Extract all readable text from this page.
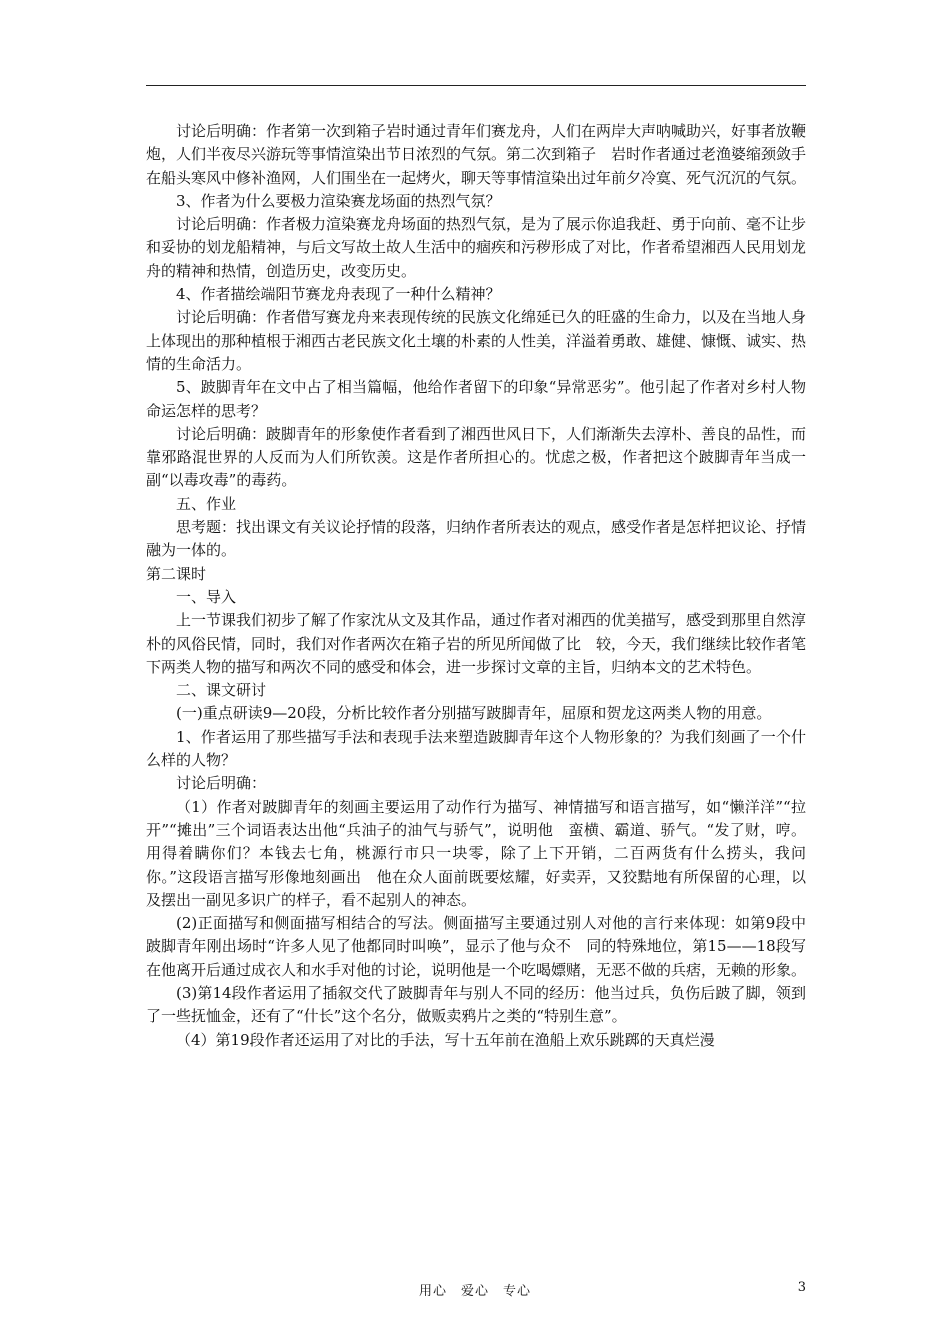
讨论后明确：作者第一次到箱子岩时通过青年们赛龙舟，人们在两岸大声呐喊助兴，好事者放鞭炮，人们半夜尽兴游玩等事情渲染出节日浓烈的气氛。第二次到箱子　岩时作者通过老渔婆缩颈敛手在船头寒风中修补渔网，人们围坐在一起烤火，聊天等事情渲染出过年前夕冷寞、死气沉沉的气氛。

3、作者为什么要极力渲染赛龙场面的热烈气氛？

讨论后明确：作者极力渲染赛龙舟场面的热烈气氛，是为了展示你追我赶、勇于向前、毫不让步和妥协的划龙船精神，与后文写故土故人生活中的痼疾和污秽形成了对比，作者希望湘西人民用划龙舟的精神和热情，创造历史，改变历史。

4、作者描绘端阳节赛龙舟表现了一种什么精神？

讨论后明确：作者借写赛龙舟来表现传统的民族文化绵延已久的旺盛的生命力，以及在当地人身上体现出的那种植根于湘西古老民族文化土壤的朴素的人性美，洋溢着勇敢、雄健、慷慨、诚实、热情的生命活力。

5、跛脚青年在文中占了相当篇幅，他给作者留下的印象“异常恶劣”。他引起了作者对乡村人物命运怎样的思考？

讨论后明确：跛脚青年的形象使作者看到了湘西世风日下，人们渐渐失去淳朴、善良的品性，而靠邪路混世界的人反而为人们所钦羡。这是作者所担心的。忧虑之极，作者把这个跛脚青年当成一副“以毒攻毒”的毒药。

五、作业

思考题：找出课文有关议论抒情的段落，归纳作者所表达的观点，感受作者是怎样把议论、抒情融为一体的。

第二课时

一、导入

上一节课我们初步了解了作家沈从文及其作品，通过作者对湘西的优美描写，感受到那里自然淳朴的风俗民情，同时，我们对作者两次在箱子岩的所见所闻做了比　较，今天，我们继续比较作者笔下两类人物的描写和两次不同的感受和体会，进一步探讨文章的主旨，归纳本文的艺术特色。

二、课文研讨

(一)重点研读9—20段，分析比较作者分别描写跛脚青年，屈原和贺龙这两类人物的用意。

1、作者运用了那些描写手法和表现手法来塑造跛脚青年这个人物形象的？为我们刻画了一个什么样的人物？

讨论后明确：

（1）作者对跛脚青年的刻画主要运用了动作行为描写、神情描写和语言描写，如“懒洋洋”“拉开”“摊出”三个词语表达出他“兵油子的油气与骄气”，说明他　蛮横、霸道、骄气。“发了财，哼。用得着瞒你们？本钱去七角，桃源行市只一块零，除了上下开销，二百两货有什么捞头，我问你。”这段语言描写形像地刻画出　他在众人面前既要炫耀，好卖弄，又狡黠地有所保留的心理，以及摆出一副见多识广的样子，看不起别人的神态。

(2)正面描写和侧面描写相结合的写法。侧面描写主要通过别人对他的言行来体现：如第9段中跛脚青年刚出场时“许多人见了他都同时叫唤”，显示了他与众不　同的特殊地位，第15——18段写在他离开后通过成衣人和水手对他的讨论，说明他是一个吃喝嫖赌，无恶不做的兵痞，无赖的形象。

(3)第14段作者运用了插叙交代了跛脚青年与别人不同的经历：他当过兵，负伤后跛了脚，领到了一些抚恤金，还有了“什长”这个名分，做贩卖鸦片之类的“特别生意”。

（4）第19段作者还运用了对比的手法，写十五年前在渔船上欢乐跳踯的天真烂漫

用心　爱心　专心	3
